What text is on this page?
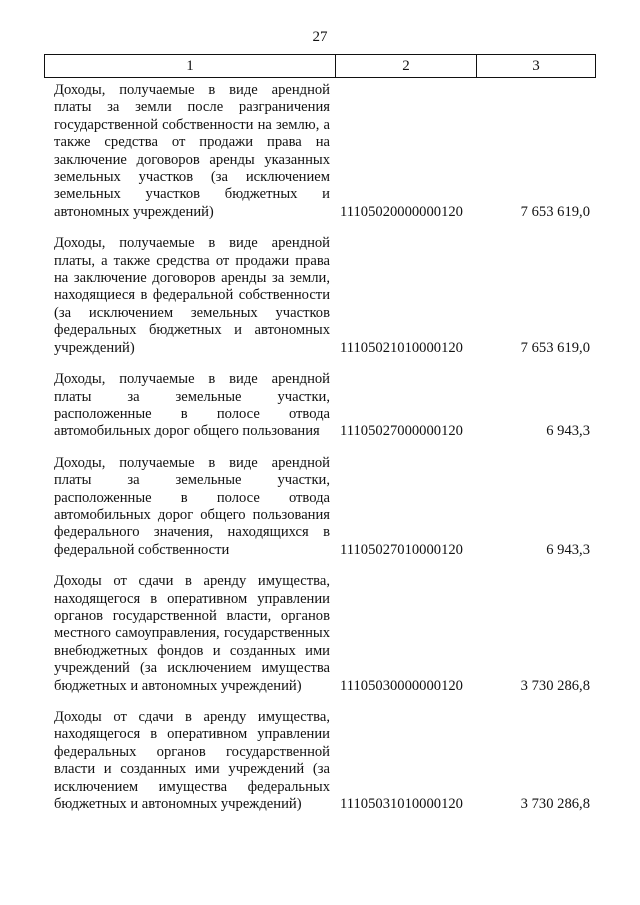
27
1	2	3
Доходы, получаемые в виде арендной платы за земли после разграничения государственной собственности на землю, а также средства от продажи права на заключение договоров аренды указанных земельных участков (за исключением земельных участков бюджетных и автономных учреждений)	11105020000000120	7 653 619,0
Доходы, получаемые в виде арендной платы, а также средства от продажи права на заключение договоров аренды за земли, находящиеся в федеральной собственности (за исключением земельных участков федеральных бюджетных и автономных учреждений)	11105021010000120	7 653 619,0
Доходы, получаемые в виде арендной платы за земельные участки, расположенные в полосе отвода автомобильных дорог общего пользования	11105027000000120	6 943,3
Доходы, получаемые в виде арендной платы за земельные участки, расположенные в полосе отвода автомобильных дорог общего пользования федерального значения, находящихся в федеральной собственности	11105027010000120	6 943,3
Доходы от сдачи в аренду имущества, находящегося в оперативном управлении органов государственной власти, органов местного самоуправления, государственных внебюджетных фондов и созданных ими учреждений (за исключением имущества бюджетных и автономных учреждений)	11105030000000120	3 730 286,8
Доходы от сдачи в аренду имущества, находящегося в оперативном управлении федеральных органов государственной власти и созданных ими учреждений (за исключением имущества федеральных бюджетных и автономных учреждений)	11105031010000120	3 730 286,8
